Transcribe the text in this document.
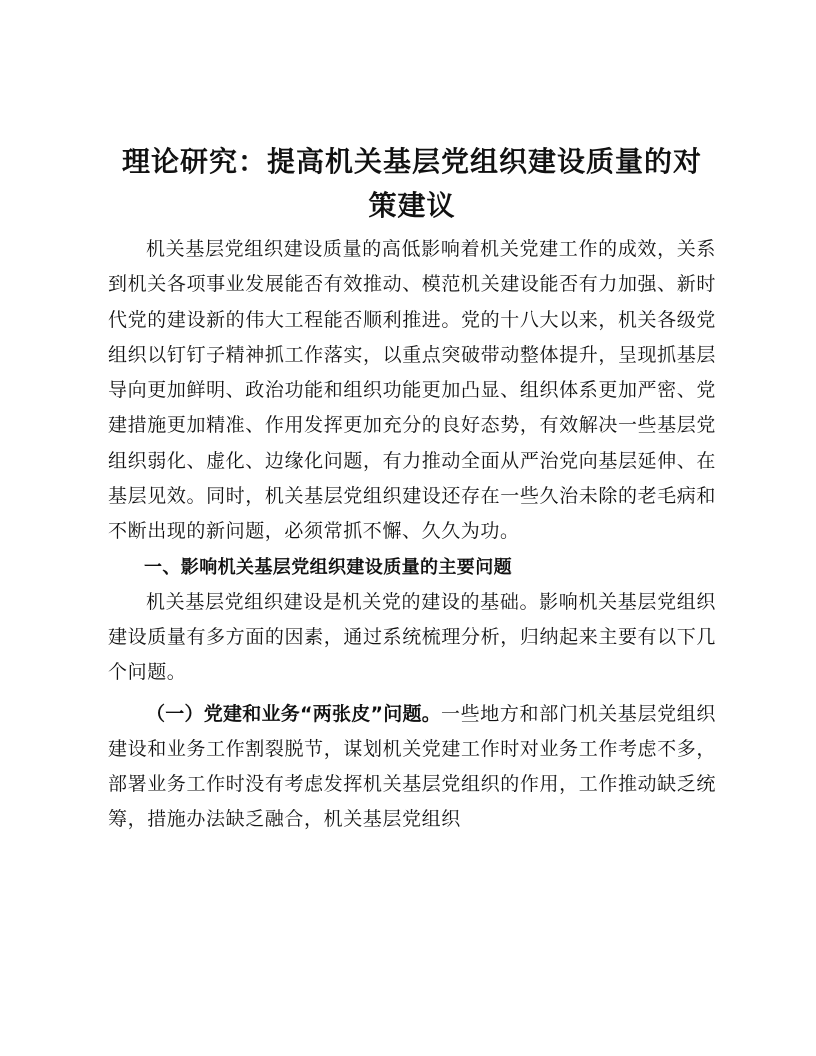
理论研究：提高机关基层党组织建设质量的对
策建议

机关基层党组织建设质量的高低影响着机关党建工作的成效，关系到机关各项事业发展能否有效推动、模范机关建设能否有力加强、新时代党的建设新的伟大工程能否顺利推进。党的十八大以来，机关各级党组织以钉钉子精神抓工作落实，以重点突破带动整体提升，呈现抓基层导向更加鲜明、政治功能和组织功能更加凸显、组织体系更加严密、党建措施更加精准、作用发挥更加充分的良好态势，有效解决一些基层党组织弱化、虚化、边缘化问题，有力推动全面从严治党向基层延伸、在基层见效。同时，机关基层党组织建设还存在一些久治未除的老毛病和不断出现的新问题，必须常抓不懈、久久为功。

一、影响机关基层党组织建设质量的主要问题

机关基层党组织建设是机关党的建设的基础。影响机关基层党组织建设质量有多方面的因素，通过系统梳理分析，归纳起来主要有以下几个问题。

（一）党建和业务“两张皮”问题。一些地方和部门机关基层党组织建设和业务工作割裂脱节，谋划机关党建工作时对业务工作考虑不多，部署业务工作时没有考虑发挥机关基层党组织的作用，工作推动缺乏统筹，措施办法缺乏融合，机关基层党组织
